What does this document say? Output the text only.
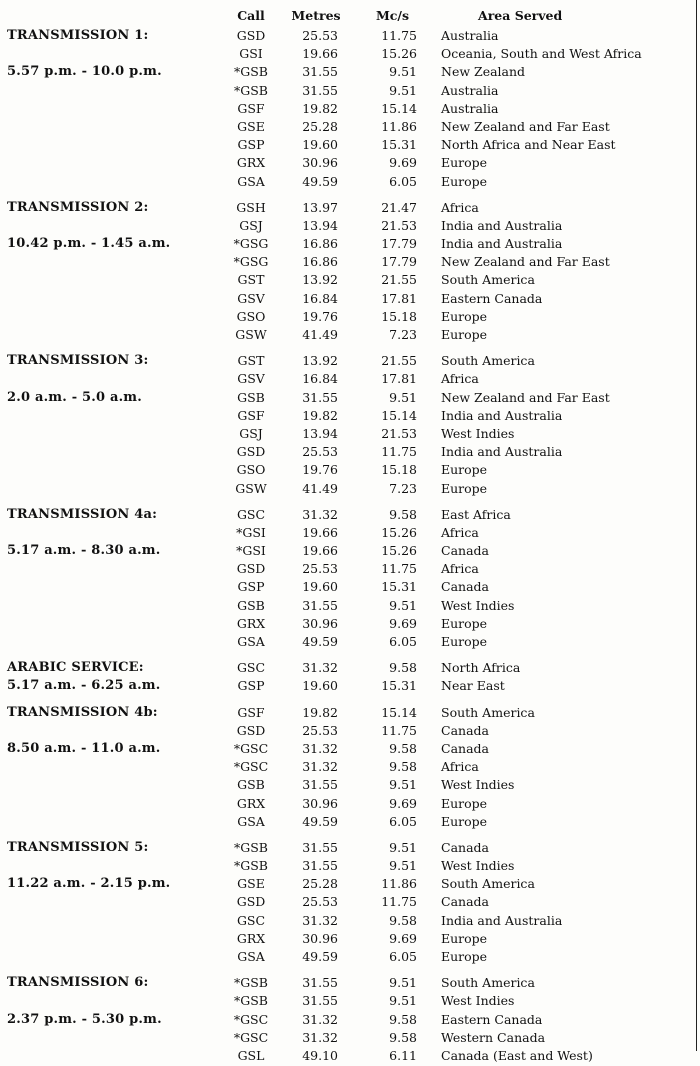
Call	Metres	Mc/s	Area Served
TRANSMISSION 1:	GSD	25.53	11.75 Australia
GSI	19.66	15.26 Oceania, South and West Africa
5.57 p.m. - 10.0 p.m.	*GSB	31.55	9.51 New Zealand
*GSB	31.55	9.51 Australia
GSF	19.82	15.14 Australia
GSE	25.28	11.86 New Zealand and Far East
GSP	19.60	15.31 North Africa and Near East
GRX	30.96	9.69 Europe
GSA	49.59	6.05 Europe
TRANSMISSION 2:	GSH	13.97	21.47 Africa
GSJ	13.94	21.53 India and Australia
10.42 p.m. - 1.45 a.m.	*GSG	16.86	17.79 India and Australia
*GSG	16.86	17.79 New Zealand and Far East
GST	13.92	21.55 South America
GSV	16.84	17.81 Eastern Canada
GSO	19.76	15.18 Europe
GSW	41.49	7.23 Europe
TRANSMISSION 3:	GST	13.92	21.55 South America
GSV	16.84	17.81 Africa
2.0 a.m. - 5.0 a.m.	GSB	31.55	9.51 New Zealand and Far East
GSF	19.82	15.14 India and Australia
GSJ	13.94	21.53 West Indies
GSD	25.53	11.75 India and Australia
GSO	19.76	15.18 Europe
GSW	41.49	7.23 Europe
TRANSMISSION 4a:	GSC	31.32	9.58 East Africa
*GSI	19.66	15.26 Africa
5.17 a.m. - 8.30 a.m.	*GSI	19.66	15.26 Canada
GSD	25.53	11.75 Africa
GSP	19.60	15.31 Canada
GSB	31.55	9.51 West Indies
GRX	30.96	9.69 Europe
GSA	49.59	6.05 Europe
ARABIC SERVICE:	GSC	31.32	9.58 North Africa
5.17 a.m. - 6.25 a.m.	GSP	19.60	15.31 Near East
TRANSMISSION 4b:	GSF	19.82	15.14 South America
GSD	25.53	11.75 Canada
8.50 a.m. - 11.0 a.m.	*GSC	31.32	9.58 Canada
*GSC	31.32	9.58 Africa
GSB	31.55	9.51 West Indies
GRX	30.96	9.69 Europe
GSA	49.59	6.05 Europe
TRANSMISSION 5:	*GSB	31.55	9.51 Canada
*GSB	31.55	9.51 West Indies
11.22 a.m. - 2.15 p.m.	GSE	25.28	11.86 South America
GSD	25.53	11.75 Canada
GSC	31.32	9.58 India and Australia
GRX	30.96	9.69 Europe
GSA	49.59	6.05 Europe
TRANSMISSION 6:	*GSB	31.55	9.51 South America
*GSB	31.55	9.51 West Indies
2.37 p.m. - 5.30 p.m.	*GSC	31.32	9.58 Eastern Canada
*GSC	31.32	9.58 Western Canada
GSL	49.10	6.11 Canada (East and West)
